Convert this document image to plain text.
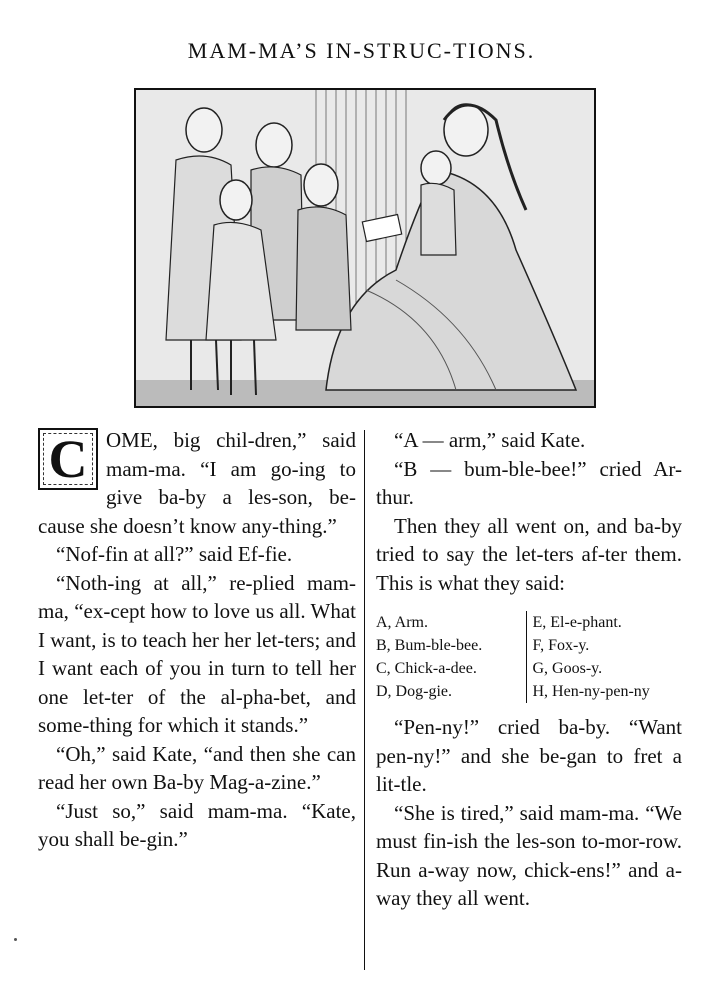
MAM-MA’S IN-STRUC-TIONS.

COME, big chil-dren,” said mam-ma. “I am go-ing to give ba-by a les-son, be-cause she doesn’t know any-thing.”

“Nof-fin at all?” said Ef-fie.

“Noth-ing at all,” re-plied mam-ma, “ex-cept how to love us all. What I want, is to teach her her let-ters; and I want each of you in turn to tell her one let-ter of the al-pha-bet, and some-thing for which it stands.”

“Oh,” said Kate, “and then she can read her own Ba-by Mag-a-zine.”

“Just so,” said mam-ma. “Kate, you shall be-gin.”

“A — arm,” said Kate.

“B — bum-ble-bee!” cried Ar-thur.

Then they all went on, and ba-by tried to say the let-ters af-ter them. This is what they said:

A, Arm.
B, Bum-ble-bee.
C, Chick-a-dee.
D, Dog-gie.
E, El-e-phant.
F, Fox-y.
G, Goos-y.
H, Hen-ny-pen-ny

“Pen-ny!” cried ba-by. “Want pen-ny!” and she be-gan to fret a lit-tle.

“She is tired,” said mam-ma. “We must fin-ish the les-son to-mor-row. Run a-way now, chick-ens!” and a-way they all went.
